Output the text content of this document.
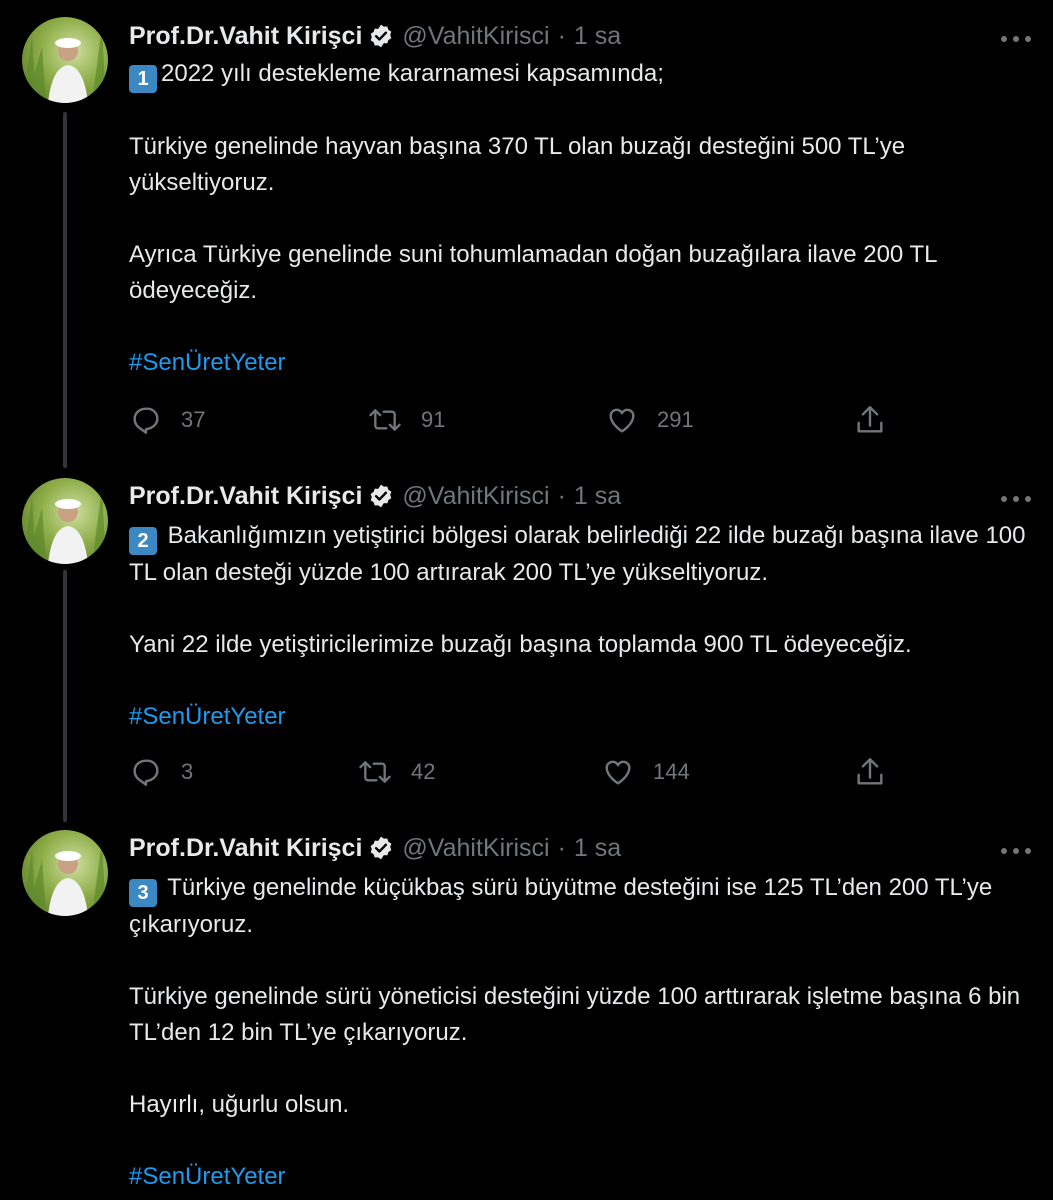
Prof.Dr.Vahit Kirişci @VahitKirisci · 1 sa

1 2022 yılı destekleme kararnamesi kapsamında;

Türkiye genelinde hayvan başına 370 TL olan buzağı desteğini 500 TL’ye yükseltiyoruz.

Ayrıca Türkiye genelinde suni tohumlamadan doğan buzağılara ilave 200 TL ödeyeceğiz.

#SenÜretYeter

37	91	291
Prof.Dr.Vahit Kirişci @VahitKirisci · 1 sa

2 Bakanlığımızın yetiştirici bölgesi olarak belirlediği 22 ilde buzağı başına ilave 100 TL olan desteği yüzde 100 artırarak 200 TL’ye yükseltiyoruz.

Yani 22 ilde yetiştiricilerimize buzağı başına toplamda 900 TL ödeyeceğiz.

#SenÜretYeter

3	42	144
Prof.Dr.Vahit Kirişci @VahitKirisci · 1 sa

3 Türkiye genelinde küçükbaş sürü büyütme desteğini ise 125 TL’den 200 TL’ye çıkarıyoruz.

Türkiye genelinde sürü yöneticisi desteğini yüzde 100 arttırarak işletme başına 6 bin TL’den 12 bin TL’ye çıkarıyoruz.

Hayırlı, uğurlu olsun.

#SenÜretYeter
